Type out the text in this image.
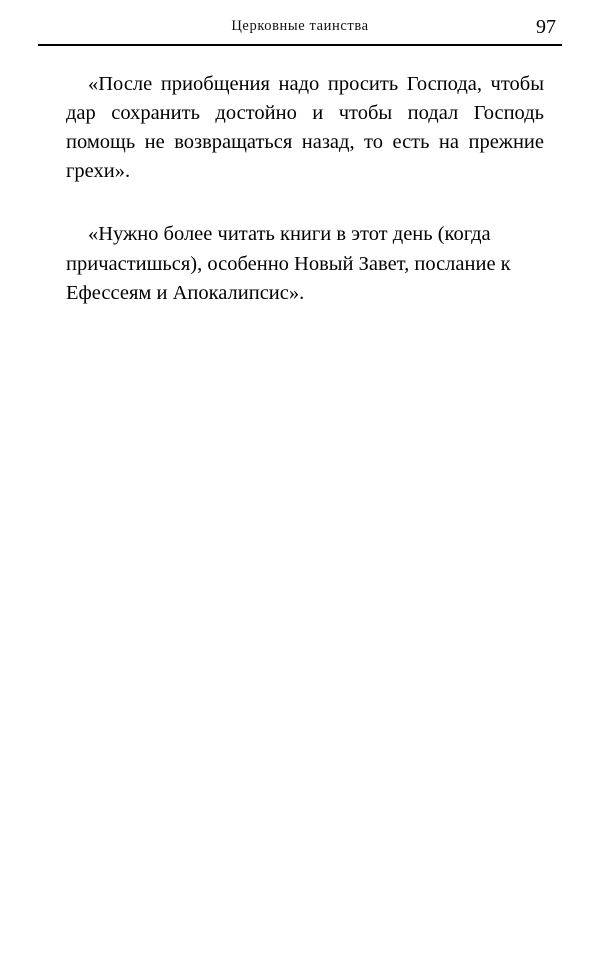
Церковные таинства	97

«После приобщения надо просить Господа, чтобы дар сохранить достойно и чтобы подал Господь помощь не возвращаться назад, то есть на прежние грехи».

«Нужно более читать книги в этот день (когда причастишься), особенно Новый Завет, послание к Ефессеям и Апокалипсис».
